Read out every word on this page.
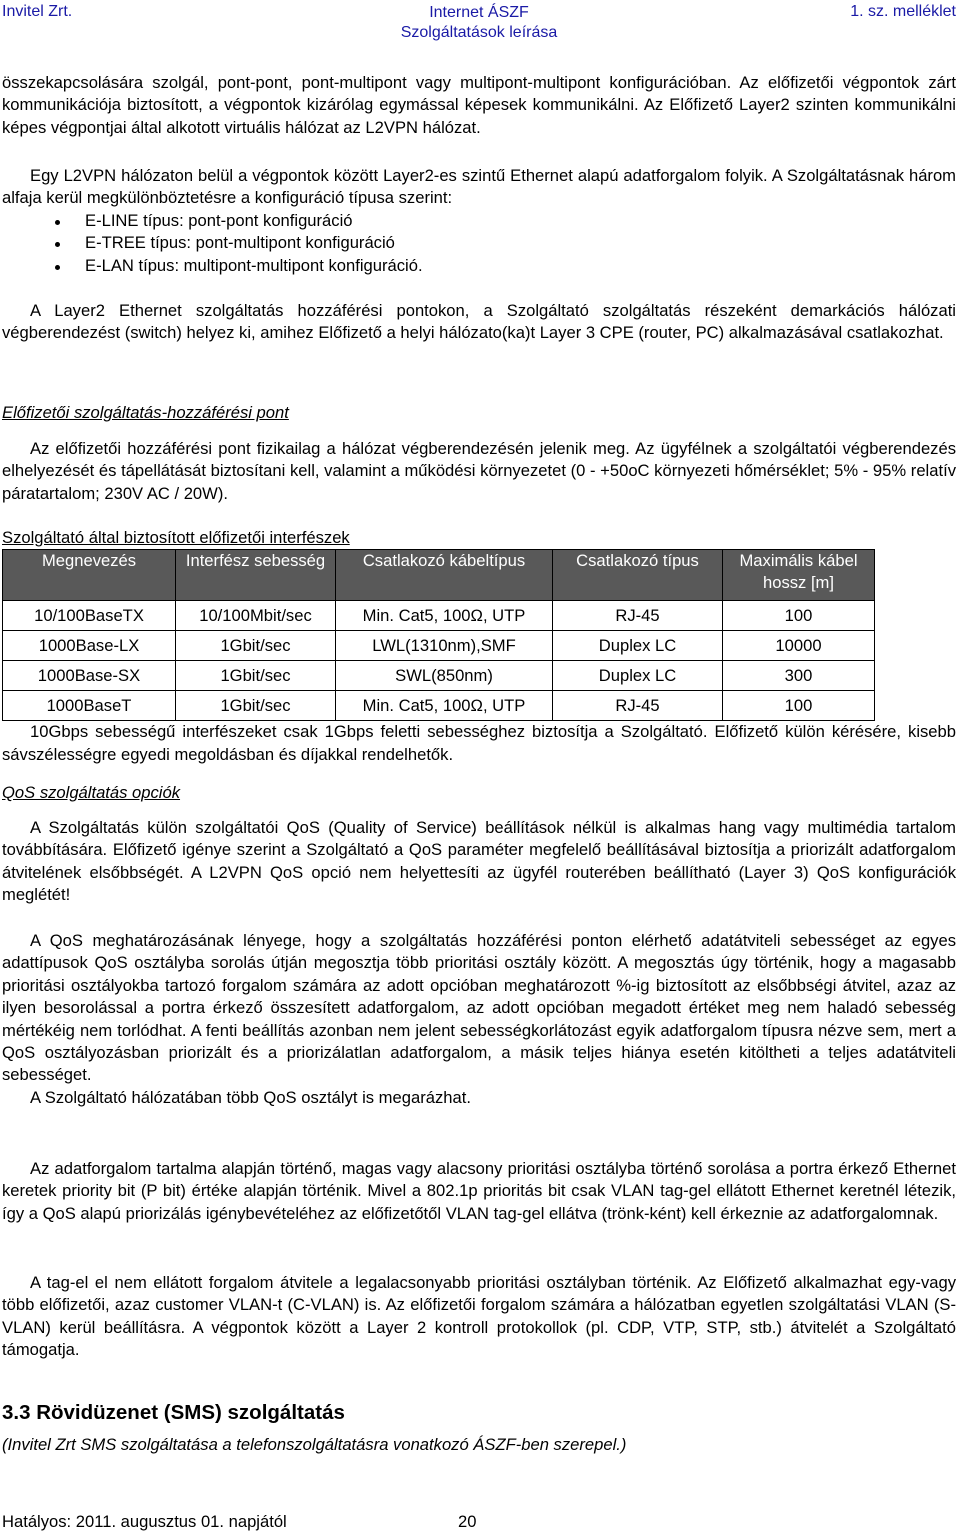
Invitel Zrt.	Internet ÁSZF
Szolgáltatások leírása
1. sz. melléklet

összekapcsolására szolgál, pont-pont, pont-multipont vagy multipont-multipont konfigurációban. Az előfizetői végpontok zárt kommunikációja biztosított, a végpontok kizárólag egymással képesek kommunikálni. Az Előfizető Layer2 szinten kommunikálni képes végpontjai által alkotott virtuális hálózat az L2VPN hálózat.

Egy L2VPN hálózaton belül a végpontok között Layer2-es szintű Ethernet alapú adatforgalom folyik. A Szolgáltatásnak három alfaja kerül megkülönböztetésre a konfiguráció típusa szerint:

E-LINE típus: pont-pont konfiguráció
E-TREE típus: pont-multipont konfiguráció
E-LAN típus: multipont-multipont konfiguráció.

A Layer2 Ethernet szolgáltatás hozzáférési pontokon, a Szolgáltató szolgáltatás részeként demarkációs hálózati végberendezést (switch) helyez ki, amihez Előfizető a helyi hálózato(ka)t Layer 3 CPE (router, PC) alkalmazásával csatlakozhat.

Előfizetői szolgáltatás-hozzáférési pont

Az előfizetői hozzáférési pont fizikailag a hálózat végberendezésén jelenik meg. Az ügyfélnek a szolgáltatói végberendezés elhelyezését és tápellátását biztosítani kell, valamint a működési környezetet (0 - +50oC környezeti hőmérséklet; 5% - 95% relatív páratartalom; 230V AC / 20W).

Szolgáltató által biztosított előfizetői interfészek

Megnevezés	Interfész sebesség	Csatlakozó kábeltípus	Csatlakozó típus	Maximális kábel hossz [m]
10/100BaseTX	10/100Mbit/sec	Min. Cat5, 100Ω, UTP	RJ-45	100
1000Base-LX	1Gbit/sec	LWL(1310nm),SMF	Duplex LC	10000
1000Base-SX	1Gbit/sec	SWL(850nm)	Duplex LC	300
1000BaseT	1Gbit/sec	Min. Cat5, 100Ω, UTP	RJ-45	100

10Gbps sebességű interfészeket csak 1Gbps feletti sebességhez biztosítja a Szolgáltató. Előfizető külön kérésére, kisebb sávszélességre egyedi megoldásban és díjakkal rendelhetők.

QoS szolgáltatás opciók

A Szolgáltatás külön szolgáltatói QoS (Quality of Service) beállítások nélkül is alkalmas hang vagy multimédia tartalom továbbítására. Előfizető igénye szerint a Szolgáltató a QoS paraméter megfelelő beállításával biztosítja a priorizált adatforgalom átvitelének elsőbbségét. A L2VPN QoS opció nem helyettesíti az ügyfél routerében beállítható (Layer 3) QoS konfigurációk meglétét!

A QoS meghatározásának lényege, hogy a szolgáltatás hozzáférési ponton elérhető adatátviteli sebességet az egyes adattípusok QoS osztályba sorolás útján megosztja több prioritási osztály között. A megosztás úgy történik, hogy a magasabb prioritási osztályokba tartozó forgalom számára az adott opcióban meghatározott %-ig biztosított az elsőbbségi átvitel, azaz az ilyen besorolással a portra érkező összesített adatforgalom, az adott opcióban megadott értéket meg nem haladó sebesség mértékéig nem torlódhat. A fenti beállítás azonban nem jelent sebességkorlátozást egyik adatforgalom típusra nézve sem, mert a QoS osztályozásban priorizált és a priorizálatlan adatforgalom, a másik teljes hiánya esetén kitöltheti a teljes adatátviteli sebességet.

A Szolgáltató hálózatában több QoS osztályt is megarázhat.

Az adatforgalom tartalma alapján történő, magas vagy alacsony prioritási osztályba történő sorolása a portra érkező Ethernet keretek priority bit (P bit) értéke alapján történik. Mivel a 802.1p prioritás bit csak VLAN tag-gel ellátott Ethernet keretnél létezik, így a QoS alapú priorizálás igénybevételéhez az előfizetőtől VLAN tag-gel ellátva (trönk-ként) kell érkeznie az adatforgalomnak.

A tag-el el nem ellátott forgalom átvitele a legalacsonyabb prioritási osztályban történik. Az Előfizető alkalmazhat egy-vagy több előfizetői, azaz customer VLAN-t (C-VLAN) is. Az előfizetői forgalom számára a hálózatban egyetlen szolgáltatási VLAN (S-VLAN) kerül beállításra. A végpontok között a Layer 2 kontroll protokollok (pl. CDP, VTP, STP, stb.) átvitelét a Szolgáltató támogatja.

3.3 Rövidüzenet (SMS) szolgáltatás

(Invitel Zrt SMS szolgáltatása a telefonszolgáltatásra vonatkozó ÁSZF-ben szerepel.)

Hatályos: 2011. augusztus 01. napjától	20
